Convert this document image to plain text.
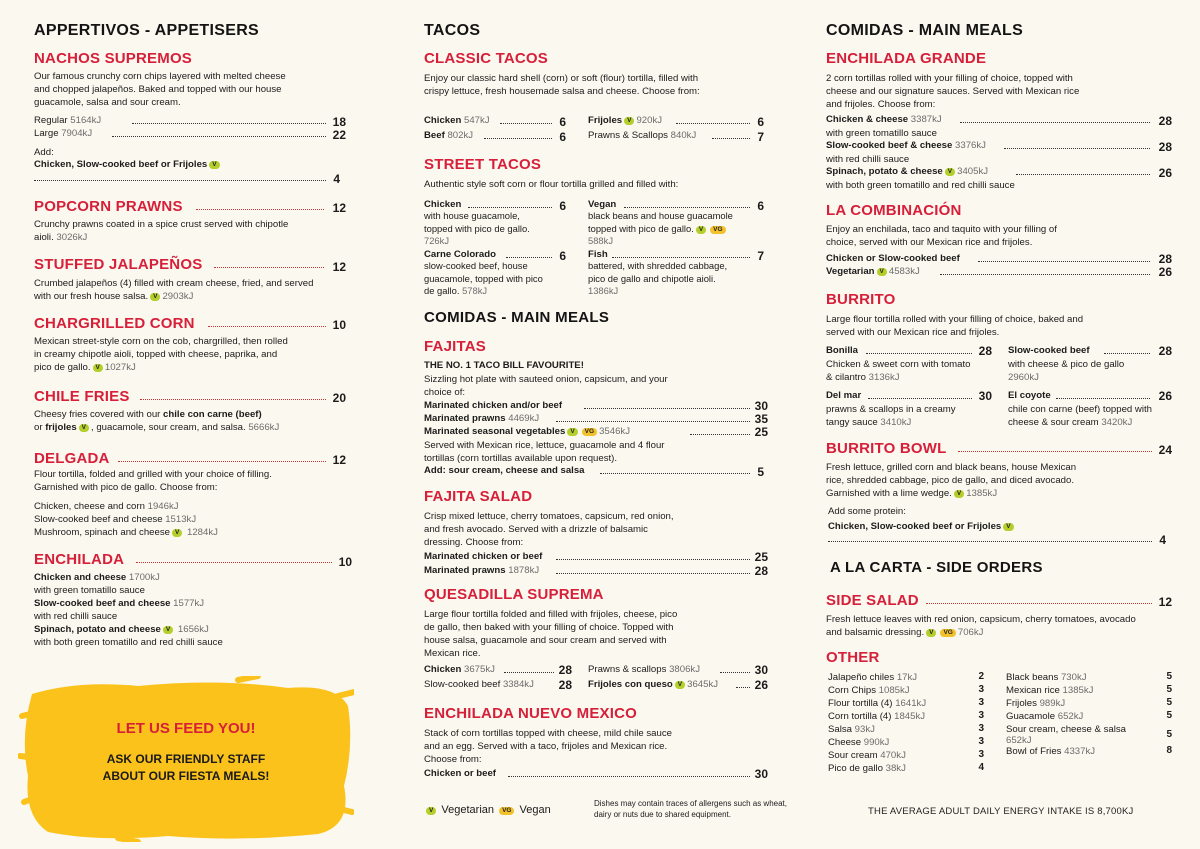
APPERTIVOS - APPETISERS
NACHOS SUPREMOS
Our famous crunchy corn chips layered with melted cheese and chopped jalapeños. Baked and topped with our house guacamole, salsa and sour cream.
Regular 5164kJ	18
Large 7904kJ	22
Add:
Chicken, Slow-cooked beef or Frijoles V
4
POPCORN PRAWNS	12
Crunchy prawns coated in a spice crust served with chipotle aioli. 3026kJ
STUFFED JALAPEÑOS	12
Crumbed jalapeños (4) filled with cream cheese, fried, and served with our fresh house salsa. V 2903kJ
CHARGRILLED CORN	10
Mexican street-style corn on the cob, chargrilled, then rolled in creamy chipotle aioli, topped with cheese, paprika, and pico de gallo. V 1027kJ
CHILE FRIES	20
Cheesy fries covered with our chile con carne (beef)
or frijoles V , guacamole, sour cream, and salsa. 5666kJ
DELGADA	12
Flour tortilla, folded and grilled with your choice of filling. Garnished with pico de gallo. Choose from:
Chicken, cheese and corn 1946kJ
Slow-cooked beef and cheese 1513kJ
Mushroom, spinach and cheese V 1284kJ
ENCHILADA	10
Chicken and cheese 1700kJ
with green tomatillo sauce
Slow-cooked beef and cheese 1577kJ
with red chilli sauce
Spinach, potato and cheese V 1656kJ
with both green tomatillo and red chilli sauce
LET US FEED YOU!
ASK OUR FRIENDLY STAFF
ABOUT OUR FIESTA MEALS!
TACOS
CLASSIC TACOS
Enjoy our classic hard shell (corn) or soft (flour) tortilla, filled with crispy lettuce, fresh housemade salsa and cheese. Choose from:
Chicken 547kJ	6
Beef 802kJ	6
Frijoles V 920kJ	6
Prawns & Scallops 840kJ	7
STREET TACOS
Authentic style soft corn or flour tortilla grilled and filled with:
Chicken	6
with house guacamole, topped with pico de gallo. 726kJ
Vegan	6
black beans and house guacamole topped with pico de gallo. V VG588kJ
Carne Colorado	6
slow-cooked beef, house guacamole, topped with pico de gallo. 578kJ
Fish	7
battered, with shredded cabbage, pico de gallo and chipotle aioli. 1386kJ
COMIDAS - MAIN MEALS
FAJITAS
THE NO. 1 TACO BILL FAVOURITE!
Sizzling hot plate with sauteed onion, capsicum, and your choice of:
Marinated chicken and/or beef	30
Marinated prawns 4469kJ	35
Marinated seasonal vegetables V VG 3546kJ	25
Served with Mexican rice, lettuce, guacamole and 4 flour tortillas (corn tortillas available upon request).
Add: sour cream, cheese and salsa	5
FAJITA SALAD
Crisp mixed lettuce, cherry tomatoes, capsicum, red onion, and fresh avocado. Served with a drizzle of balsamic dressing. Choose from:
Marinated chicken or beef	25
Marinated prawns 1878kJ	28
QUESADILLA SUPREMA
Large flour tortilla folded and filled with frijoles, cheese, pico de gallo, then baked with your filling of choice. Topped with house salsa, guacamole and sour cream and served with Mexican rice.
Chicken 3675kJ	28
Slow-cooked beef 3384kJ 28
Prawns & scallops 3806kJ	30
Frijoles con queso V 3645kJ	26
ENCHILADA NUEVO MEXICO
Stack of corn tortillas topped with cheese, mild chile sauce and an egg. Served with a taco, frijoles and Mexican rice. Choose from:
Chicken or beef	30
V Vegetarian VG Vegan
Dishes may contain traces of allergens such as wheat, dairy or nuts due to shared equipment.
COMIDAS - MAIN MEALS
ENCHILADA GRANDE
2 corn tortillas rolled with your filling of choice, topped with cheese and our signature sauces. Served with Mexican rice and frijoles. Choose from:
Chicken & cheese 3387kJ	28
with green tomatillo sauce
Slow-cooked beef & cheese 3376kJ	28
with red chilli sauce
Spinach, potato & cheese V 3405kJ	26
with both green tomatillo and red chilli sauce
LA COMBINACIÓN
Enjoy an enchilada, taco and taquito with your filling of choice, served with our Mexican rice and frijoles.
Chicken or Slow-cooked beef	28
Vegetarian V 4583kJ	26
BURRITO
Large flour tortilla rolled with your filling of choice, baked and served with our Mexican rice and frijoles.
Bonilla	28
Chicken & sweet corn with tomato & cilantro 3136kJ
Slow-cooked beef	28
with cheese & pico de gallo 2960kJ
Del mar	30
prawns & scallops in a creamy tangy sauce 3410kJ
El coyote	26
chile con carne (beef) topped with cheese & sour cream 3420kJ
BURRITO BOWL	24
Fresh lettuce, grilled corn and black beans, house Mexican rice, shredded cabbage, pico de gallo, and diced avocado. Garnished with a lime wedge. V 1385kJ
Add some protein:
Chicken, Slow-cooked beef or Frijoles V
4
A LA CARTA - SIDE ORDERS
SIDE SALAD	12
Fresh lettuce leaves with red onion, capsicum, cherry tomatoes, avocado and balsamic dressing. V VG 706kJ
OTHER
Jalapeño chiles 17kJ	2
Corn Chips 1085kJ	3
Flour tortilla (4) 1641kJ	3
Corn tortilla (4) 1845kJ	3
Salsa 93kJ	3
Cheese 990kJ	3
Sour cream 470kJ	3
Pico de gallo 38kJ	4
Black beans 730kJ	5
Mexican rice 1385kJ	5
Frijoles 989kJ	5
Guacamole 652kJ	5
Sour cream, cheese & salsa 652kJ
5
Bowl of Fries 4337kJ	8
THE AVERAGE ADULT DAILY ENERGY INTAKE IS 8,700KJ
